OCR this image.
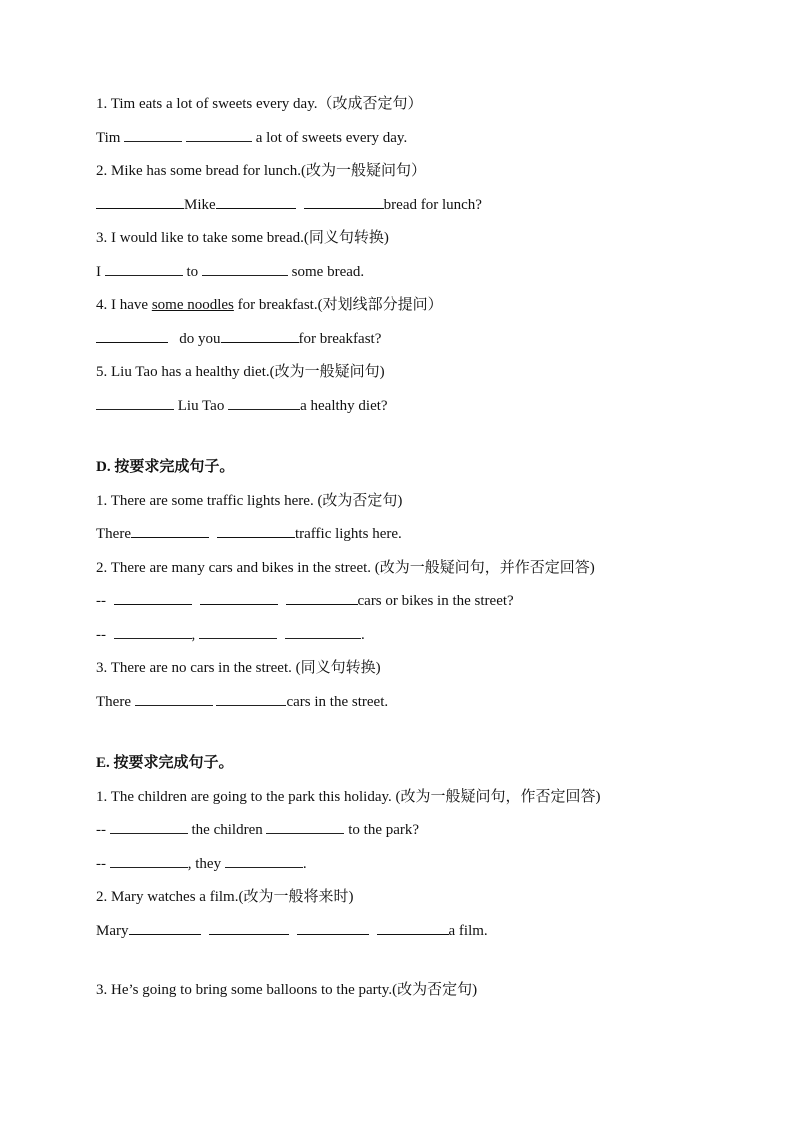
1. Tim eats a lot of sweets every day.（改成否定句）
Tim	a lot of sweets every day.
2. Mike has some bread for lunch.(改为一般疑问句）
Mike	bread for lunch?
3. I would like to take some bread.(同义句转换)
I	to	some bread.
4. I have some noodles for breakfast.(对划线部分提问）
do you	for breakfast?
5. Liu Tao has a healthy diet.(改为一般疑问句)
Liu Tao	a healthy diet?
D. 按要求完成句子。
1. There are some traffic lights here. (改为否定句)
There	traffic lights here.
2. There are many cars and bikes in the street. (改为一般疑问句，并作否定回答)
--	cars or bikes in the street?
--	,	.
3. There are no cars in the street. (同义句转换)
There	cars in the street.
E. 按要求完成句子。
1. The children are going to the park this holiday. (改为一般疑问句，作否定回答)
--	the children	to the park?
--	, they	.
2. Mary watches a film.(改为一般将来时)
Mary	a film.
3. He’s going to bring some balloons to the party.(改为否定句)
